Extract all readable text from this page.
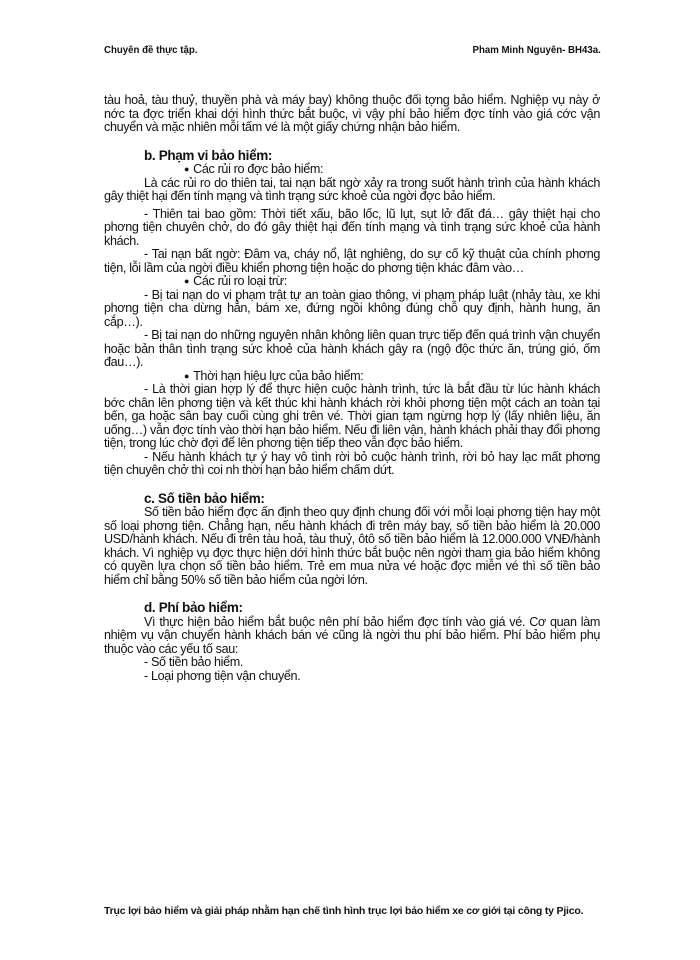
Chuyên đề thực tập.	Pham Minh Nguyên- BH43a.

tàu hoả, tàu thuỷ, thuyền phà và máy bay) không thuộc đối tợng bảo hiểm. Nghiệp vụ này ở nớc ta đợc triển khai dới hình thức bắt buộc, vì vậy phí bảo hiểm đợc tính vào giá cớc vận chuyển và mặc nhiên mỗi tấm vé là một giấy chứng nhận bảo hiểm.

b. Phạm vi bảo hiểm:

● Các rủi ro đợc bảo hiểm:

Là các rủi ro do thiên tai, tai nạn bất ngờ xảy ra trong suốt hành trình của hành khách gây thiệt hại đến tính mạng và tình trạng sức khoẻ của ngời đợc bảo hiểm.

- Thiên tai bao gồm: Thời tiết xấu, bão lốc, lũ lụt, sụt lở đất đá… gây thiệt hại cho phơng tiện chuyên chở, do đó gây thiệt hại đến tính mạng và tình trạng sức khoẻ của hành khách.

- Tai nạn bất ngờ: Đâm va, cháy nổ, lật nghiêng, do sự cố kỹ thuật của chính phơng tiện, lỗi lầm của ngời điều khiển phơng tiện hoặc do phơng tiện khác đâm vào…

● Các rủi ro loại trừ:

- Bị tai nạn do vi phạm trật tự an toàn giao thông, vi phạm pháp luật (nhảy tàu, xe khi phơng tiện cha dừng hẳn, bám xe, đứng ngồi không đúng chỗ quy định, hành hung, ăn cắp…).

- Bị tai nạn do những nguyên nhân không liên quan trực tiếp đến quá trình vận chuyển hoặc bản thân tình trạng sức khoẻ của hành khách gây ra (ngộ độc thức ăn, trúng gió, ốm đau…).

● Thời hạn hiệu lực của bảo hiểm:

- Là thời gian hợp lý để thực hiện cuộc hành trình, tức là bắt đầu từ lúc hành khách bớc chân lên phơng tiện và kết thúc khi hành khách rời khỏi phơng tiện một cách an toàn tại bến, ga hoặc sân bay cuối cùng ghi trên vé. Thời gian tạm ngừng hợp lý (lấy nhiên liệu, ăn uống…) vẫn đợc tính vào thời hạn bảo hiểm. Nếu đi liên vận, hành khách phải thay đổi phơng tiện, trong lúc chờ đợi để lên phơng tiện tiếp theo vẫn đợc bảo hiểm.

- Nếu hành khách tự ý hay vô tình rời bỏ cuộc hành trình, rời bỏ hay lạc mất phơng tiện chuyên chở thì coi nh thời hạn bảo hiểm chấm dứt.

c. Số tiền bảo hiểm:

Số tiền bảo hiểm đợc ấn định theo quy định chung đối với mỗi loại phơng tiện hay một số loại phơng tiện. Chẳng hạn, nếu hành khách đi trên máy bay, số tiền bảo hiểm là 20.000 USD/hành khách. Nếu đi trên tàu hoả, tàu thuỷ, ôtô số tiền bảo hiểm là 12.000.000 VNĐ/hành khách. Vì nghiệp vụ đợc thực hiện dới hình thức bắt buộc nên ngời tham gia bảo hiểm không có quyền lựa chọn số tiền bảo hiểm. Trẻ em mua nửa vé hoặc đợc miễn vé thì số tiền bảo hiểm chỉ bằng 50% số tiền bảo hiểm của ngời lớn.

d. Phí bảo hiểm:

Vì thực hiện bảo hiểm bắt buộc nên phí bảo hiểm đợc tính vào giá vé. Cơ quan làm nhiệm vụ vận chuyển hành khách bán vé cũng là ngời thu phí bảo hiểm. Phí bảo hiểm phụ thuộc vào các yếu tố sau:

- Số tiền bảo hiểm.

- Loại phơng tiện vận chuyển.

Trục lợi bảo hiểm và giải pháp nhằm hạn chế tình hình trục lợi bảo hiểm xe cơ giới tại công ty Pjico.
